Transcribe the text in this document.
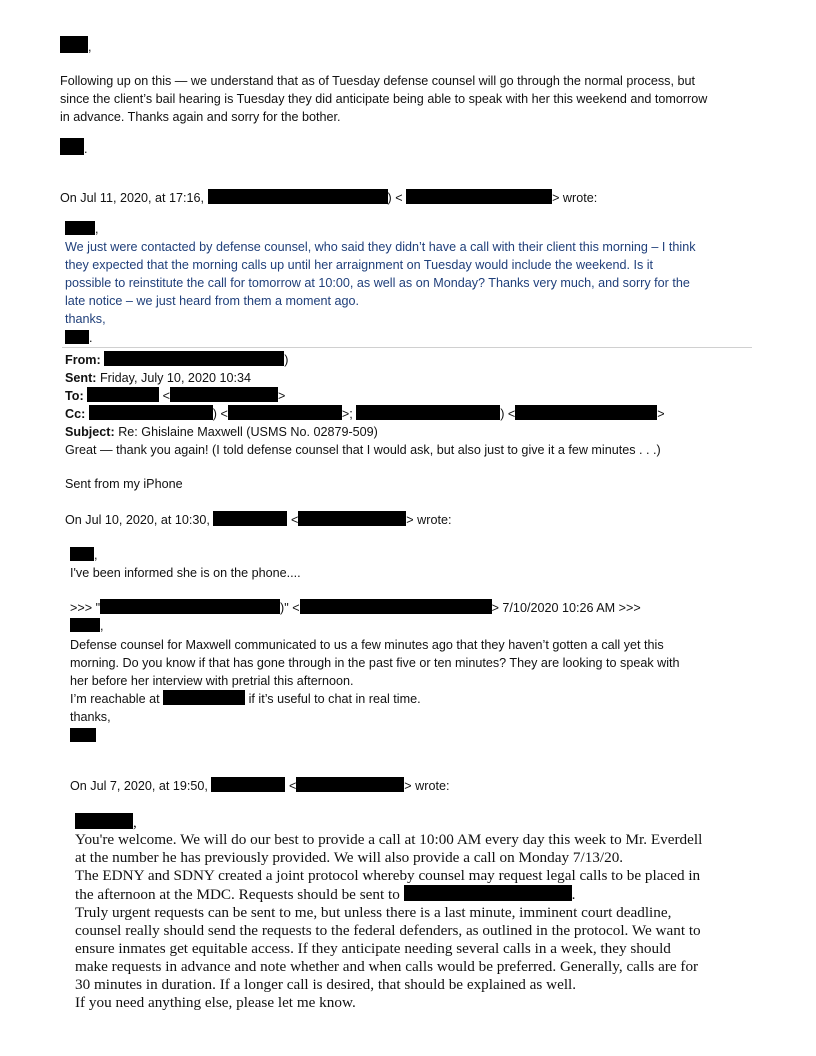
,
Following up on this — we understand that as of Tuesday defense counsel will go through the normal process, but
since the client’s bail hearing is Tuesday they did anticipate being able to speak with her this weekend and tomorrow
in advance. Thanks again and sorry for the bother.
.
On Jul 11, 2020, at 17:16,	) <	> wrote:
,
We just were contacted by defense counsel, who said they didn’t have a call with their client this morning – I think
they expected that the morning calls up until her arraignment on Tuesday would include the weekend. Is it
possible to reinstitute the call for tomorrow at 10:00, as well as on Monday? Thanks very much, and sorry for the
late notice – we just heard from them a moment ago.
thanks,
.
From:	)
Sent: Friday, July 10, 2020 10:34
To:	<	>
Cc:	) <	>;	) <	>
Subject: Re: Ghislaine Maxwell (USMS No. 02879-509)
Great — thank you again! (I told defense counsel that I would ask, but also just to give it a few minutes . . .)
Sent from my iPhone
On Jul 10, 2020, at 10:30,	<	> wrote:
,
I've been informed she is on the phone....
>>> "	)" <	> 7/10/2020 10:26 AM >>>
,
Defense counsel for Maxwell communicated to us a few minutes ago that they haven’t gotten a call yet this
morning. Do you know if that has gone through in the past five or ten minutes? They are looking to speak with
her before her interview with pretrial this afternoon.
I’m reachable at	if it’s useful to chat in real time.
thanks,
On Jul 7, 2020, at 19:50,	<	> wrote:
,
You're welcome. We will do our best to provide a call at 10:00 AM every day this week to Mr. Everdell
at the number he has previously provided. We will also provide a call on Monday 7/13/20.
The EDNY and SDNY created a joint protocol whereby counsel may request legal calls to be placed in
the afternoon at the MDC. Requests should be sent to	.
Truly urgent requests can be sent to me, but unless there is a last minute, imminent court deadline,
counsel really should send the requests to the federal defenders, as outlined in the protocol. We want to
ensure inmates get equitable access. If they anticipate needing several calls in a week, they should
make requests in advance and note whether and when calls would be preferred. Generally, calls are for
30 minutes in duration. If a longer call is desired, that should be explained as well.
If you need anything else, please let me know.
